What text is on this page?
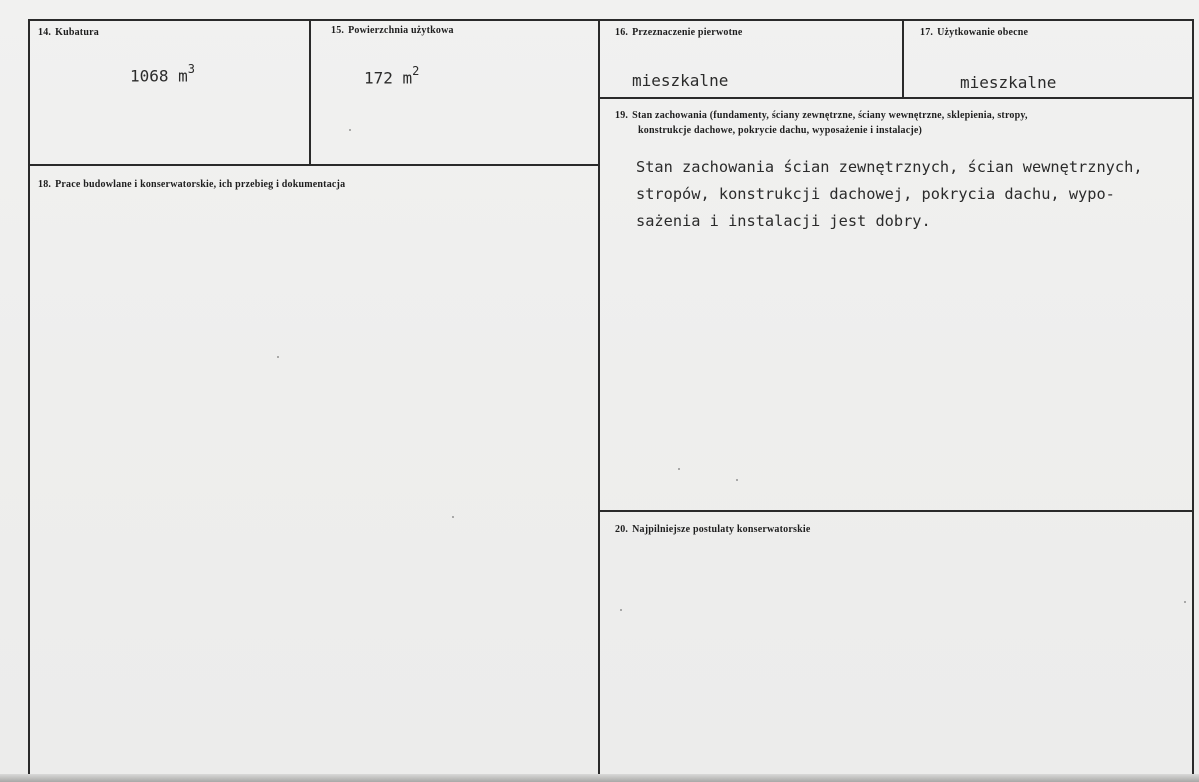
14. Kubatura
1068 $m^3$
15. Powierzchnia użytkowa
172 $m^2$
16. Przeznaczenie pierwotne
mieszkalne
17. Użytkowanie obecne
mieszkalne
18. Prace budowlane i konserwatorskie, ich przebieg i dokumentacja
19. Stan zachowania (fundamenty, ściany zewnętrzne, ściany wewnętrzne, sklepienia, stropy,
konstrukcje dachowe, pokrycie dachu, wyposażenie i instalacje)
Stan zachowania ścian zewnętrznych, ścian wewnętrznych,
stropów, konstrukcji dachowej, pokrycia dachu, wypo-
sażenia i instalacji jest dobry.
20. Najpilniejsze postulaty konserwatorskie
